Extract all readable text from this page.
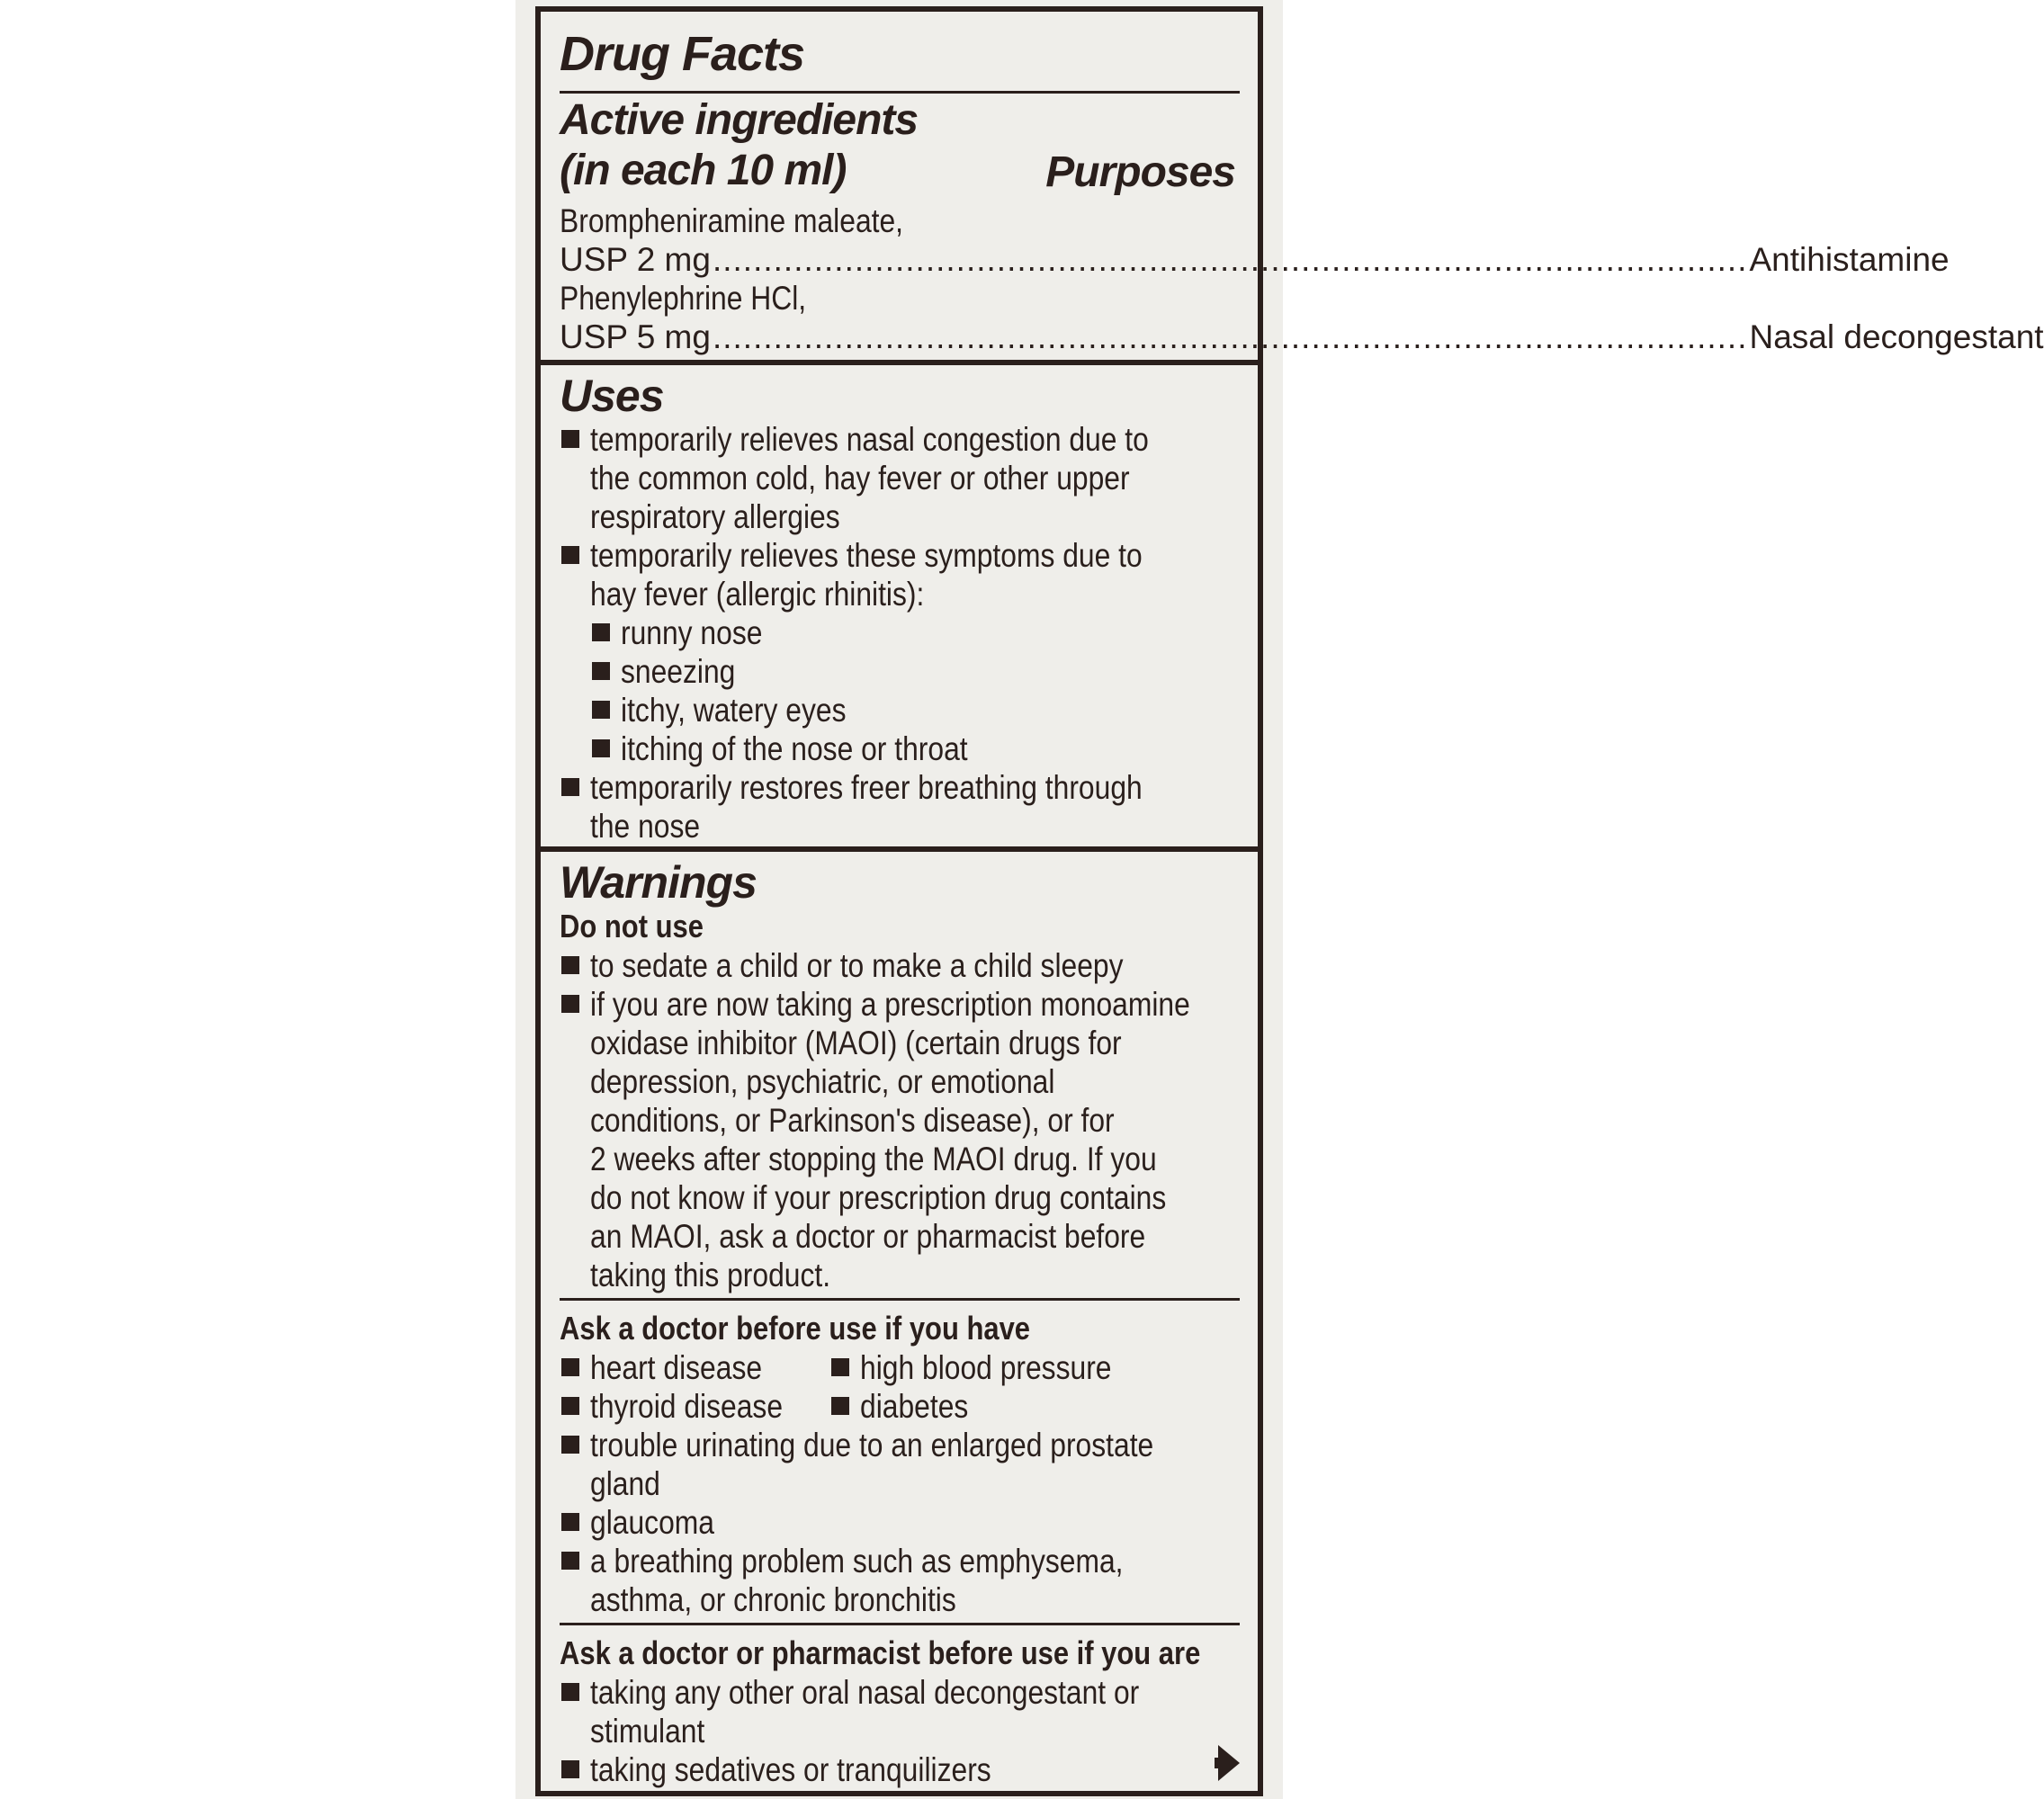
Drug Facts
Active ingredients
(in each 10 ml)	Purposes
Brompheniramine maleate,
USP 2 mg ...................................................................................................... Antihistamine
Phenylephrine HCl,
USP 5 mg ...................................................................................................... Nasal decongestant
Uses
temporarily relieves nasal congestion due to
the common cold, hay fever or other upper
respiratory allergies
temporarily relieves these symptoms due to
hay fever (allergic rhinitis):
runny nose
sneezing
itchy, watery eyes
itching of the nose or throat
temporarily restores freer breathing through
the nose
Warnings
Do not use
to sedate a child or to make a child sleepy
if you are now taking a prescription monoamine
oxidase inhibitor (MAOI) (certain drugs for
depression, psychiatric, or emotional
conditions, or Parkinson's disease), or for
2 weeks after stopping the MAOI drug. If you
do not know if your prescription drug contains
an MAOI, ask a doctor or pharmacist before
taking this product.
Ask a doctor before use if you have
heart disease	high blood pressure
thyroid disease diabetes
trouble urinating due to an enlarged prostate
gland
glaucoma
a breathing problem such as emphysema,
asthma, or chronic bronchitis
Ask a doctor or pharmacist before use if you are
taking any other oral nasal decongestant or
stimulant
taking sedatives or tranquilizers
